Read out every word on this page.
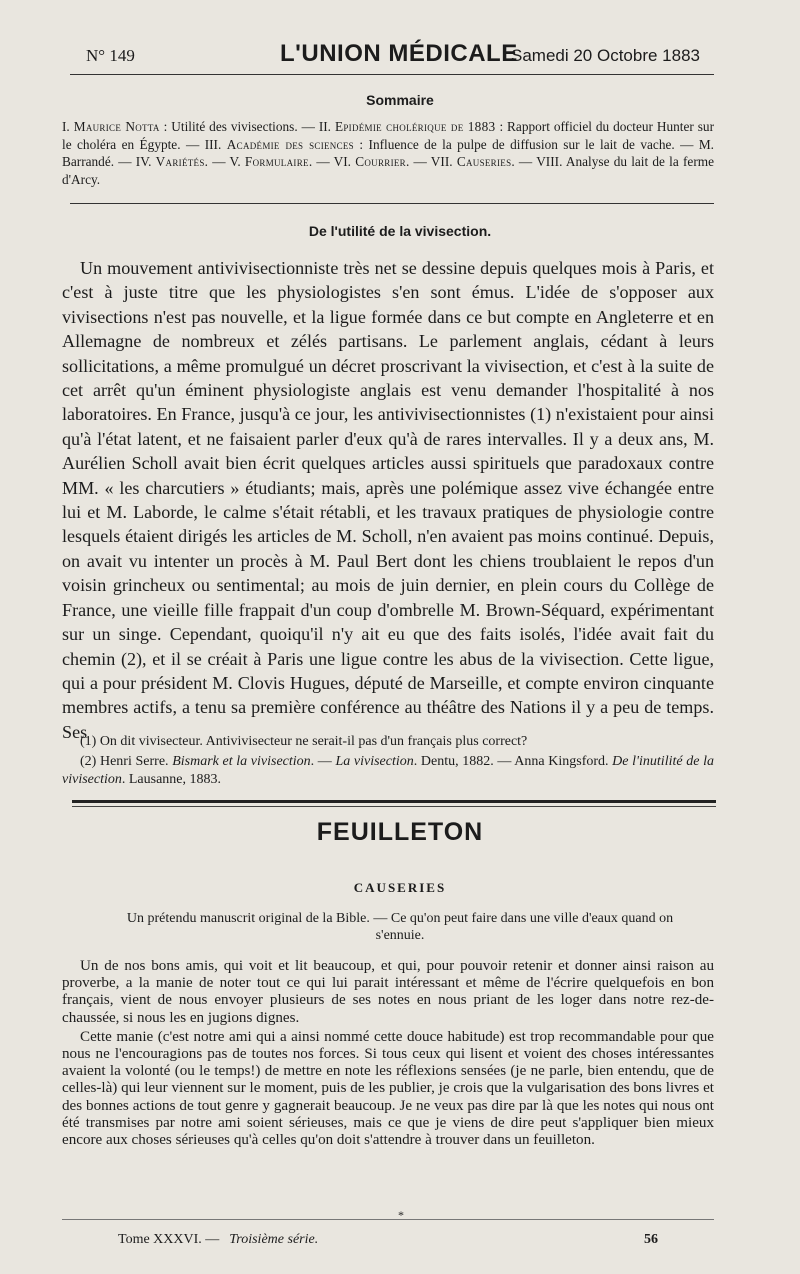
N° 149	L'UNION MÉDICALE
Samedi 20 Octobre 1883
Sommaire
I. Maurice Notta : Utilité des vivisections. — II. Epidémie cholérique de 1883 : Rapport officiel du docteur Hunter sur le choléra en Égypte. — III. Académie des sciences : Influence de la pulpe de diffusion sur le lait de vache. — M. Barrandé. — IV. Variétés. — V. Formulaire. — VI. Courrier. — VII. Causeries. — VIII. Analyse du lait de la ferme d'Arcy.
De l'utilité de la vivisection.

Un mouvement antivivisectionniste très net se dessine depuis quelques mois à Paris, et c'est à juste titre que les physiologistes s'en sont émus. L'idée de s'opposer aux vivisections n'est pas nouvelle, et la ligue formée dans ce but compte en Angleterre et en Allemagne de nombreux et zélés partisans. Le parlement anglais, cédant à leurs sollicitations, a même promulgué un décret proscrivant la vivisection, et c'est à la suite de cet arrêt qu'un éminent physiologiste anglais est venu demander l'hospitalité à nos laboratoires. En France, jusqu'à ce jour, les antivivisectionnistes (1) n'existaient pour ainsi qu'à l'état latent, et ne faisaient parler d'eux qu'à de rares intervalles. Il y a deux ans, M. Aurélien Scholl avait bien écrit quelques articles aussi spirituels que paradoxaux contre MM. « les charcutiers » étudiants; mais, après une polémique assez vive échangée entre lui et M. Laborde, le calme s'était rétabli, et les travaux pratiques de physiologie contre lesquels étaient dirigés les articles de M. Scholl, n'en avaient pas moins continué. Depuis, on avait vu intenter un procès à M. Paul Bert dont les chiens troublaient le repos d'un voisin grincheux ou sentimental; au mois de juin dernier, en plein cours du Collège de France, une vieille fille frappait d'un coup d'ombrelle M. Brown-Séquard, expérimentant sur un singe. Cependant, quoiqu'il n'y ait eu que des faits isolés, l'idée avait fait du chemin (2), et il se créait à Paris une ligue contre les abus de la vivisection. Cette ligue, qui a pour président M. Clovis Hugues, député de Marseille, et compte environ cinquante membres actifs, a tenu sa première conférence au théâtre des Nations il y a peu de temps. Ses

(1) On dit vivisecteur. Antivivisecteur ne serait-il pas d'un français plus correct?

(2) Henri Serre. Bismark et la vivisection. — La vivisection. Dentu, 1882. — Anna Kingsford. De l'inutilité de la vivisection. Lausanne, 1883.

FEUILLETON
CAUSERIES
Un prétendu manuscrit original de la Bible. — Ce qu'on peut faire dans une ville d'eaux quand on s'ennuie.

Un de nos bons amis, qui voit et lit beaucoup, et qui, pour pouvoir retenir et donner ainsi raison au proverbe, a la manie de noter tout ce qui lui parait intéressant et même de l'écrire quelquefois en bon français, vient de nous envoyer plusieurs de ses notes en nous priant de les loger dans notre rez-de-chaussée, si nous les en jugions dignes.

Cette manie (c'est notre ami qui a ainsi nommé cette douce habitude) est trop recommandable pour que nous ne l'encouragions pas de toutes nos forces. Si tous ceux qui lisent et voient des choses intéressantes avaient la volonté (ou le temps!) de mettre en note les réflexions sensées (je ne parle, bien entendu, que de celles-là) qui leur viennent sur le moment, puis de les publier, je crois que la vulgarisation des bons livres et des bonnes actions de tout genre y gagnerait beaucoup. Je ne veux pas dire par là que les notes qui nous ont été transmises par notre ami soient sérieuses, mais ce que je viens de dire peut s'appliquer bien mieux encore aux choses sérieuses qu'à celles qu'on doit s'attendre à trouver dans un feuilleton.

*
Tome XXXVI. — Troisième série.	56
